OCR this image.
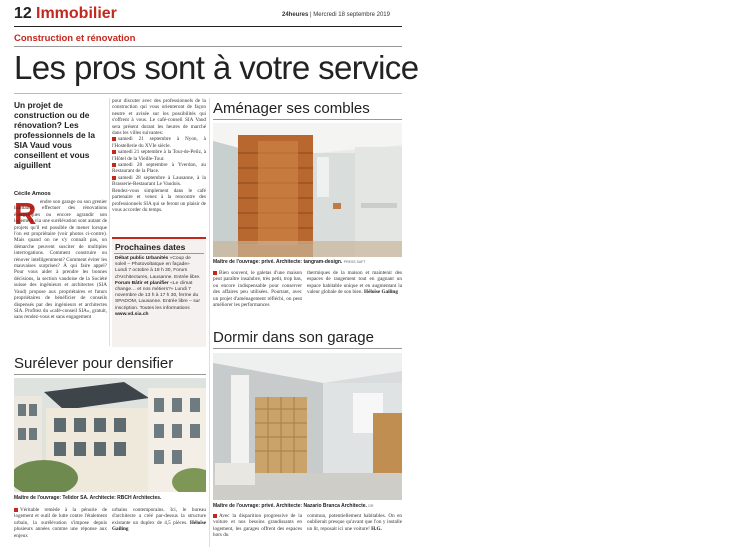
12 Immobilier	24heures | Mercredi 18 septembre 2019
Construction et rénovation
Les pros sont à votre service
Un projet de construction ou de rénovation? Les professionnels de la SIA Vaud vous conseillent et vous aiguillent
Cécile Amoos
R endre son garage ou son grenier habitable, effectuer des rénovations énergétiques ou encore agrandir son logement via une surélévation sont autant de projets qu'il est possible de mener lorsque l'on est propriétaire (voir photos ci-contre). Mais quand on ne s'y connaît pas, on démarche peuvent susciter de multiples interrogations. Comment construire ou rénover intelligemment? Comment éviter les mauvaises surprises? À qui faire appel? Pour vous aider à prendre les bonnes décisions, la section vaudoise de la Société suisse des ingénieurs et architectes (SIA Vaud) propose aux propriétaires et futurs propriétaires de bénéficier de conseils dispensés par des ingénieurs et architectes SIA. Profitez du «café-conseil SIA», gratuit, sans rendez-vous et sans engagement
pour discuter avec des professionnels de la construction qui vous orienteront de façon neutre et avisée sur les possibilités qui s'offrent à vous. Le café-conseil SIA Vaud sera présent durant les heures de marché dans les villes suivantes:
samedi 21 septembre à Nyon, à l'Hostellerie du XVIe siècle.
samedi 21 septembre à la Tour-de-Peilz, à l'Hôtel de la Vieille-Tour.
samedi 28 septembre à Yverdon, au Restaurant de la Place.
samedi 28 septembre à Lausanne, à la Brasserie-Restaurant Le Vaudois.
Rendez-vous simplement dans le café partenaire et venez à la rencontre des professionnels SIA qui se feront un plaisir de vous accorder du temps.
Prochaines dates
Débat public Urbanités «Coup de soleil – Photovoltaïque en façade» Lundi 7 octobre à 18 h 30, Forum d'Architectures, Lausanne. Entrée libre.
Forum Bâtir et planifier «Le climat change… et nos métiers?» Lundi 7 novembre de 13 h à 17 h 30, ferme du SPADOM, Lausanne. Entrée libre – sur inscription. Toutes les informations
www.vd.sia.ch
Aménager ses combles
Maître de l'ouvrage: privé. Architecte: tangram-design. PRESS SAFT
Bien souvent, le galetas d'une maison peut paraître insalubre, très petit, trop bas, ou encore indispensable pour conserver des affaires peu utilisées. Pourtant, avec un projet d'aménagement réfléchi, on peut améliorer les performances
thermiques de la maison et maintenir des espaces de rangement tout en gagnant un espace habitable unique et en augmentant la valeur globale de son bien. Héloïse Gailing
Dormir dans son garage
Maître de l'ouvrage: privé. Architecte: Nazario Branca Architecte. DR
Avec la disparition progressive de la voiture et nos besoins grandissants en logement, les garages offrent des espaces hors du
commun, potentiellement habitables. On en oublierait presque qu'avant que l'on y installe un lit, reposait ici une voiture! H.G.
Surélever pour densifier
Maître de l'ouvrage: Telidor SA. Architecte: RBCH Architectes.
Véritable remède à la pénurie de logement et outil de lutte contre l'étalement urbain, la surélévation s'impose depuis plusieurs années comme une réponse aux enjeux
urbains contemporains. Ici, le bureau d'architecte a créé par-dessus la structure existante un duplex de 4,5 pièces. Héloïse Gailing
